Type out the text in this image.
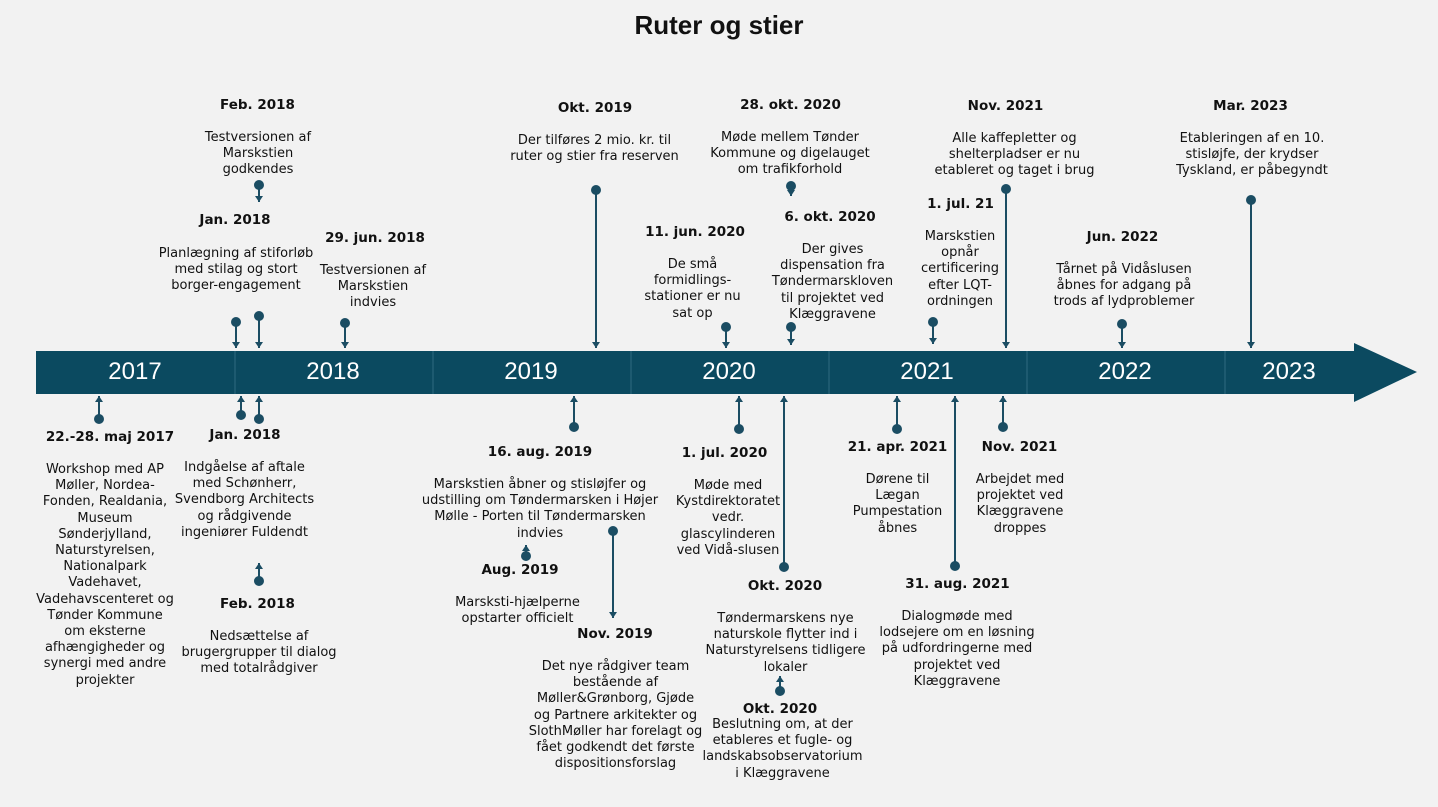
Ruter og stier
2017	2018	2019	2020	2021	2022	2023
22.-28. maj 2017
Workshop med AP Møller, Nordea-Fonden, Realdania, Museum Sønderjylland, Naturstyrelsen, Nationalpark Vadehavet, Vadehavscenteret og Tønder Kommune om eksterne afhængigheder og synergi med andre projekter
Jan. 2018
Planlægning af stiforløb med stilag og stort borger-engagement
Feb. 2018
Testversionen af Marskstien godkendes
Jan. 2018
Indgåelse af aftale med Schønherr, Svendborg Architects og rådgivende ingeniører Fuldendt
Feb. 2018
Nedsættelse af brugergrupper til dialog med totalrådgiver
29. jun. 2018
Testversionen af Marskstien indvies
Okt. 2019
Der tilføres 2 mio. kr. til ruter og stier fra reserven
16. aug. 2019
Marskstien åbner og stisløjfer og udstilling om Tøndermarsken i Højer Mølle - Porten til Tøndermarsken indvies
Aug. 2019
Marsksti-hjælperne opstarter officielt
Nov. 2019
Det nye rådgiver team bestående af Møller&Grønborg, Gjøde og Partnere arkitekter og SlothMøller har forelagt og fået godkendt det første dispositionsforslag
11. jun. 2020
De små formidlings-stationer er nu sat op
28. okt. 2020
Møde mellem Tønder Kommune og digelauget om trafikforhold
6. okt. 2020
Der gives dispensation fra Tøndermarskloven til projektet ved Klæggravene
1. jul. 2020
Møde med Kystdirektoratet vedr. glascylinderen ved Vidå-slusen
Okt. 2020
Tøndermarskens nye naturskole flytter ind i Naturstyrelsens tidligere lokaler
Okt. 2020
Beslutning om, at der etableres et fugle- og landskabsobservatorium i Klæggravene
1. jul. 21
Marskstien opnår certificering efter LQT-ordningen
Nov. 2021
Alle kaffepletter og shelterpladser er nu etableret og taget i brug
21. apr. 2021
Dørene til Lægan Pumpestation åbnes
31. aug. 2021
Dialogmøde med lodsejere om en løsning på udfordringerne med projektet ved Klæggravene
Nov. 2021
Arbejdet med projektet ved Klæggravene droppes
Jun. 2022
Tårnet på Vidåslusen åbnes for adgang på trods af lydproblemer
Mar. 2023
Etableringen af en 10. stisløjfe, der krydser Tyskland, er påbegyndt
